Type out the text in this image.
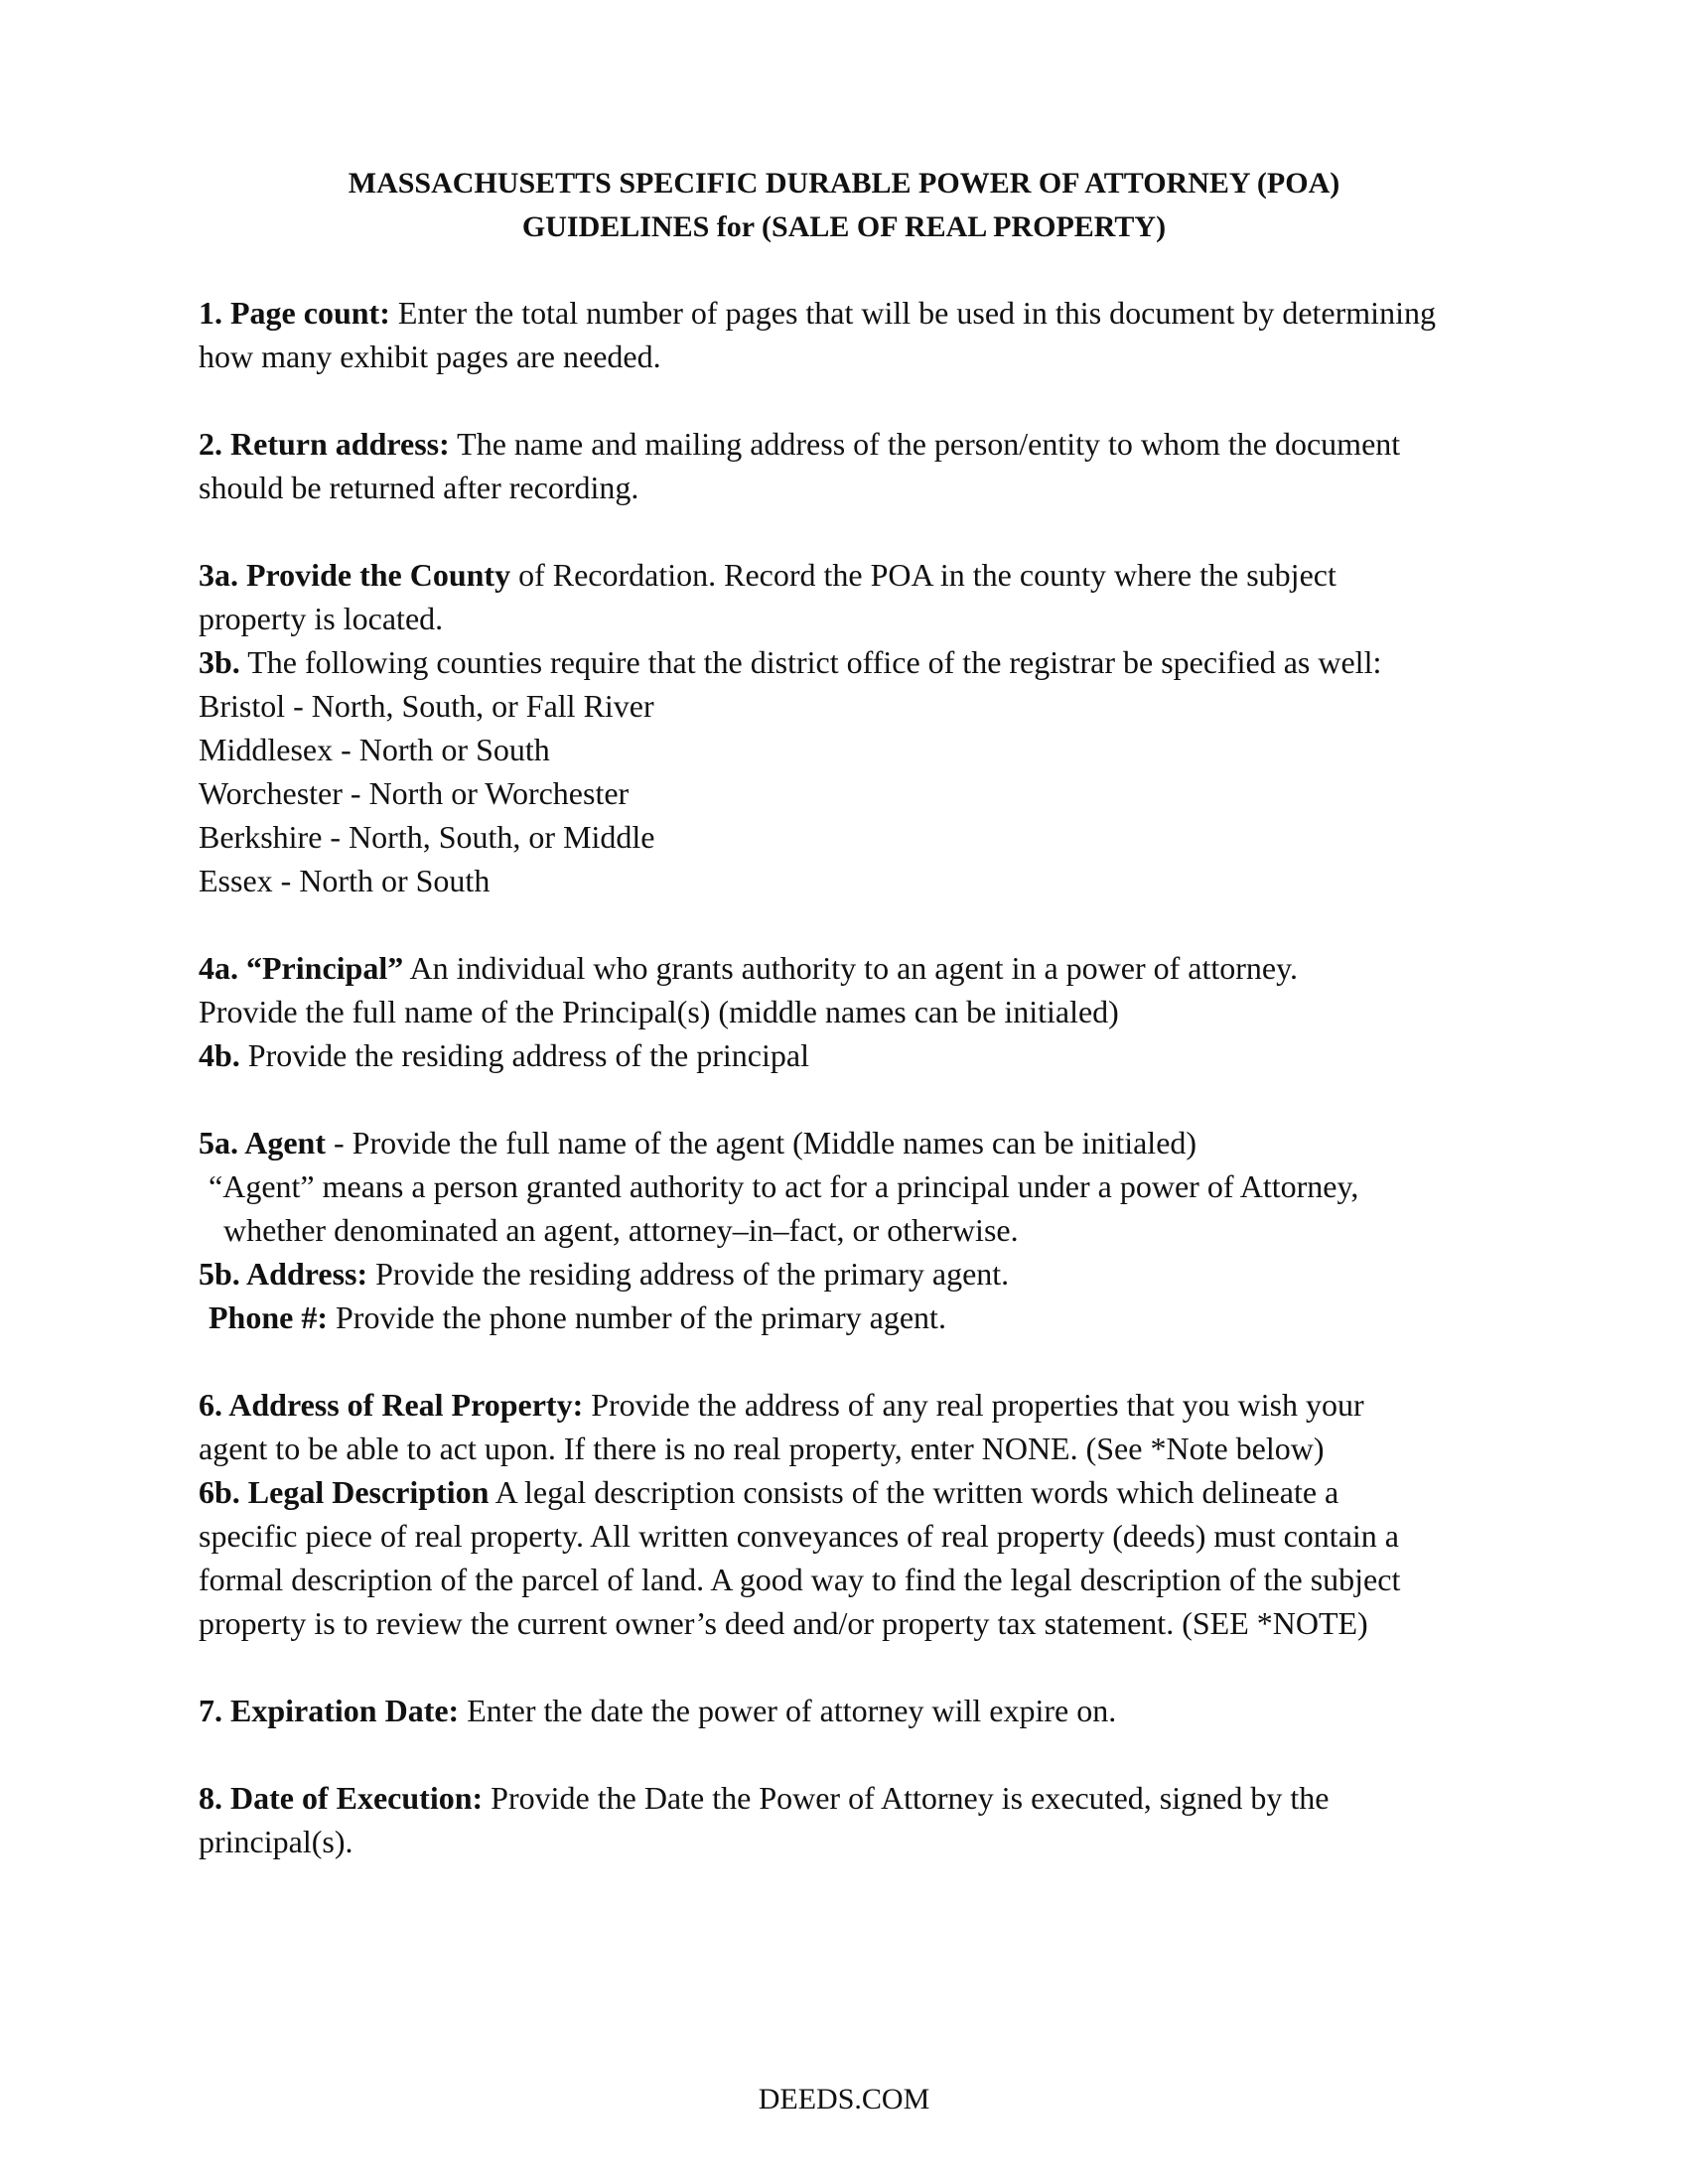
MASSACHUSETTS SPECIFIC DURABLE POWER OF ATTORNEY (POA)
GUIDELINES for (SALE OF REAL PROPERTY)
1. Page count: Enter the total number of pages that will be used in this document by determining
how many exhibit pages are needed.
2. Return address: The name and mailing address of the person/entity to whom the document
should be returned after recording.
3a. Provide the County of Recordation. Record the POA in the county where the subject
property is located.
3b. The following counties require that the district office of the registrar be specified as well:
Bristol - North, South, or Fall River
Middlesex - North or South
Worchester - North or Worchester
Berkshire - North, South, or Middle
Essex - North or South
4a. “Principal” An individual who grants authority to an agent in a power of attorney.
Provide the full name of the Principal(s) (middle names can be initialed)
4b. Provide the residing address of the principal
5a. Agent - Provide the full name of the agent (Middle names can be initialed)
“Agent” means a person granted authority to act for a principal under a power of Attorney,
whether denominated an agent, attorney–in–fact, or otherwise.
5b. Address: Provide the residing address of the primary agent.
Phone #: Provide the phone number of the primary agent.
6. Address of Real Property: Provide the address of any real properties that you wish your
agent to be able to act upon. If there is no real property, enter NONE. (See *Note below)
6b. Legal Description A legal description consists of the written words which delineate a
specific piece of real property. All written conveyances of real property (deeds) must contain a
formal description of the parcel of land. A good way to find the legal description of the subject
property is to review the current owner’s deed and/or property tax statement. (SEE *NOTE)
7. Expiration Date: Enter the date the power of attorney will expire on.
8. Date of Execution: Provide the Date the Power of Attorney is executed, signed by the
principal(s).
DEEDS.COM
